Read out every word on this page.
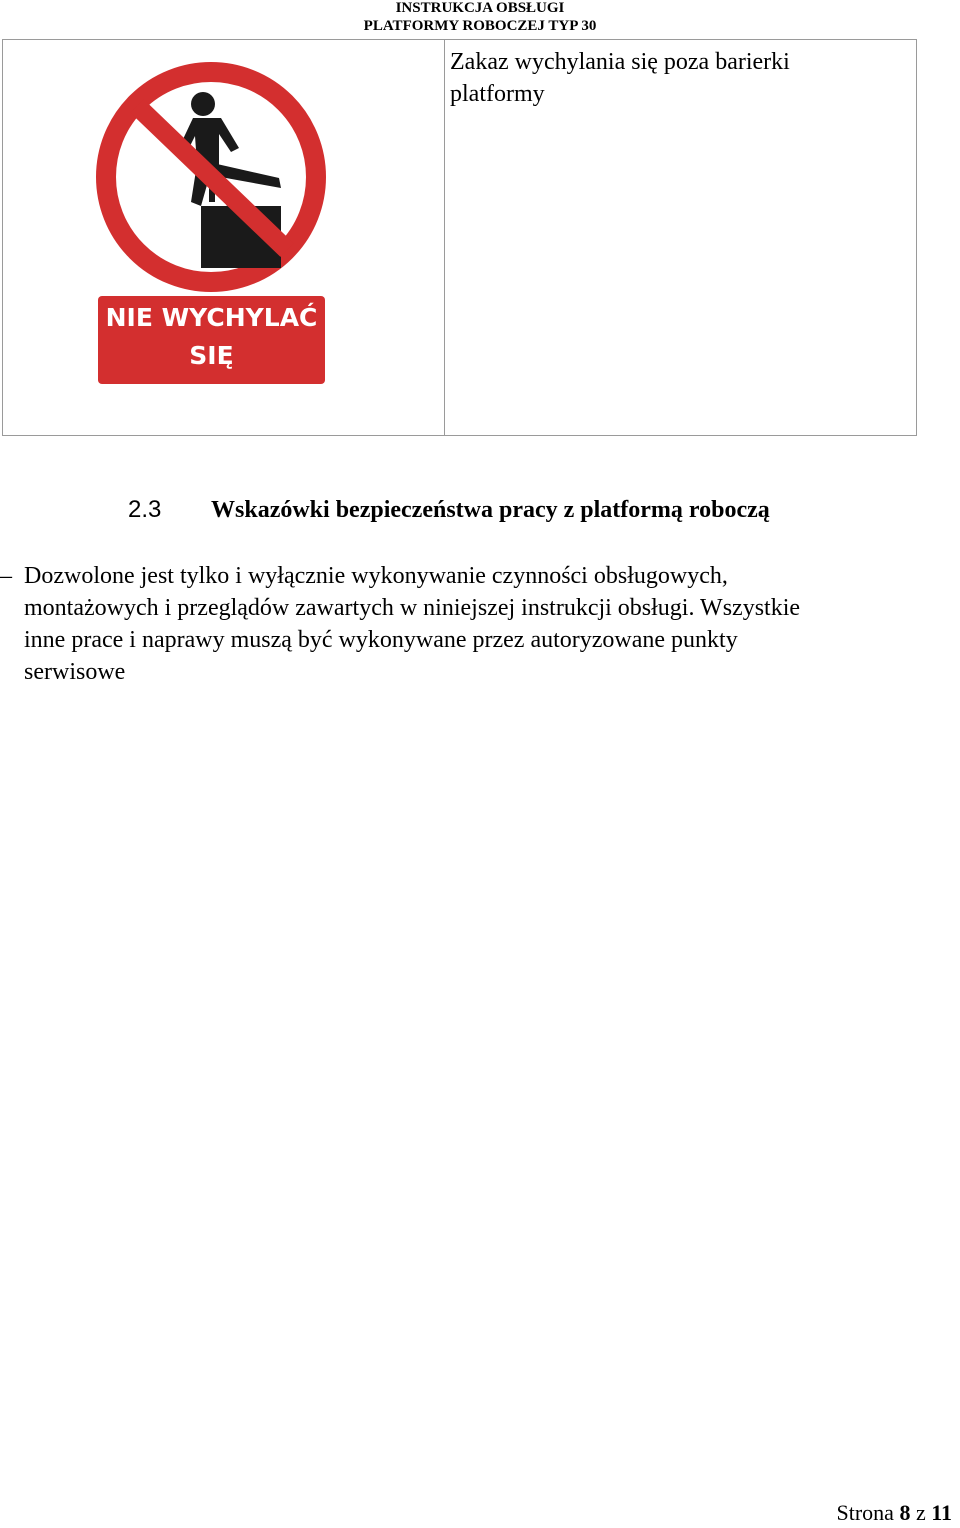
INSTRUKCJA OBSŁUGI
PLATFORMY ROBOCZEJ TYP 30
Zakaz wychylania się poza barierki
platformy
NIE WYCHYLAĆ
SIĘ
2.3 Wskazówki bezpieczeństwa pracy z platformą roboczą
– Dozwolone jest tylko i wyłącznie wykonywanie czynności obsługowych,
montażowych i przeglądów zawartych w niniejszej instrukcji obsługi. Wszystkie
inne prace i naprawy muszą być wykonywane przez autoryzowane punkty
serwisowe
Strona 8 z 11
